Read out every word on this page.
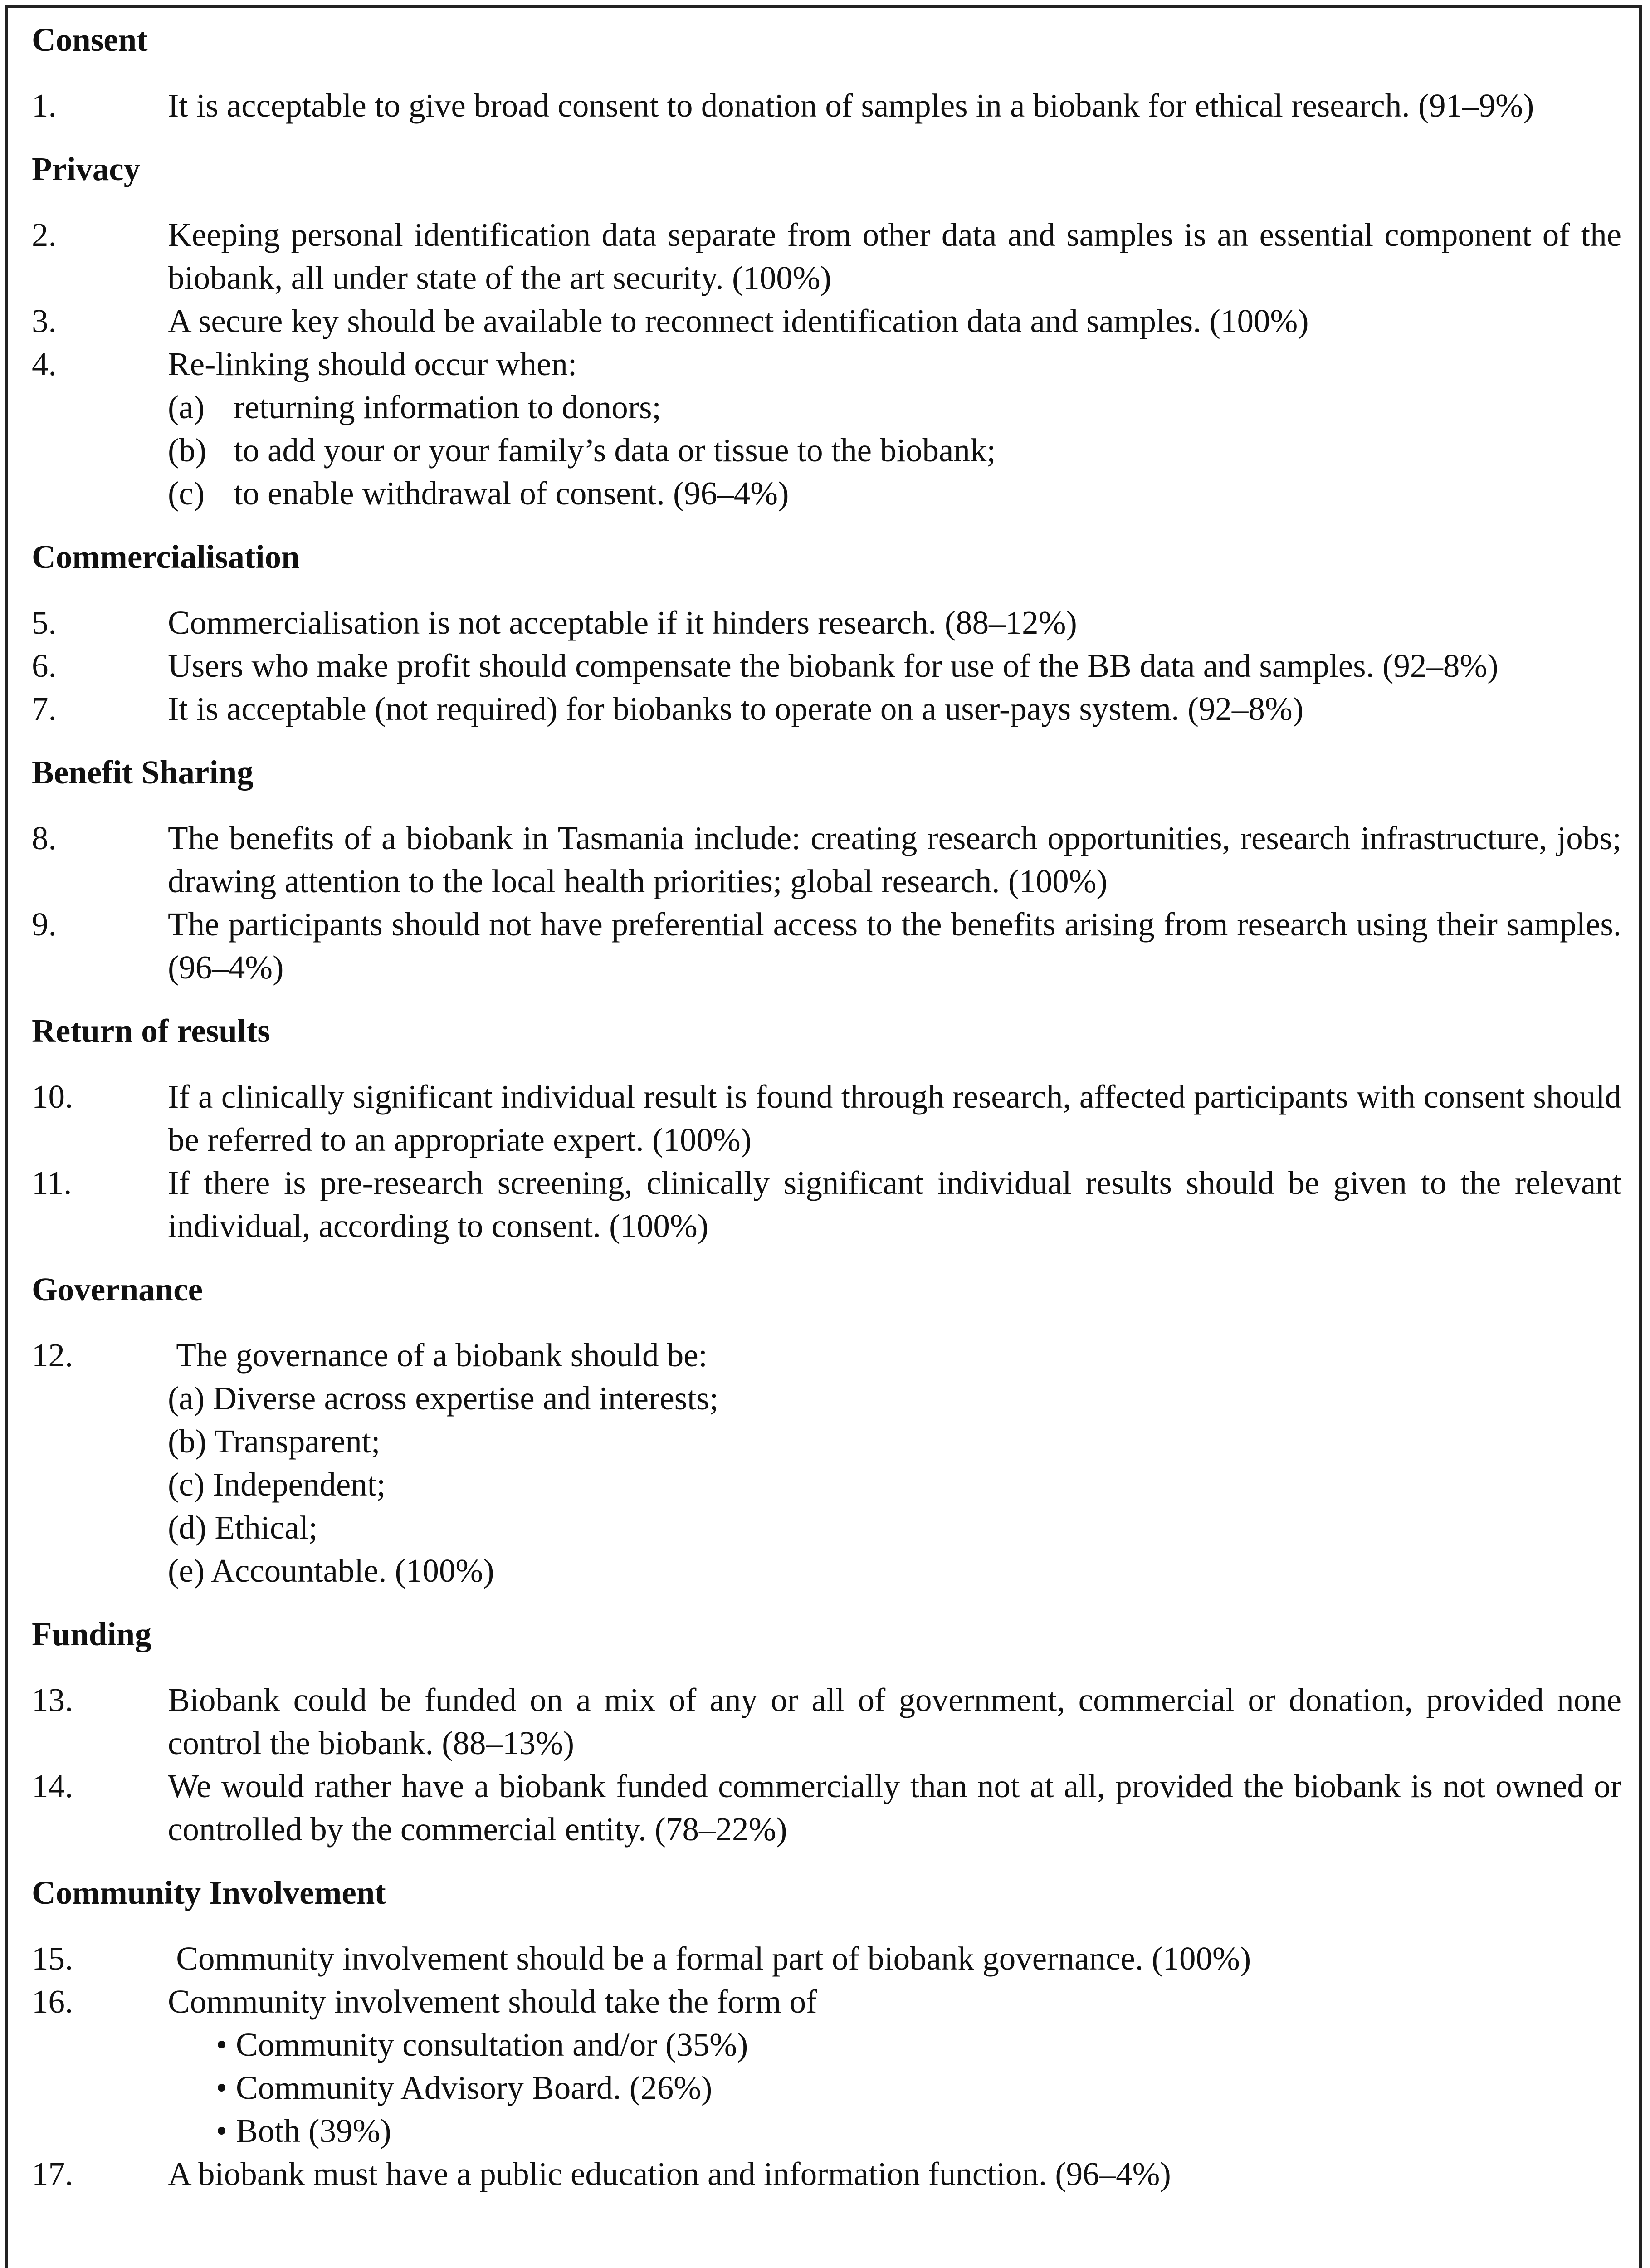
Consent
1.	It is acceptable to give broad consent to donation of samples in a biobank for ethical research. (91–9%)
Privacy
2.	Keeping personal identification data separate from other data and samples is an essential component of the biobank, all under state of the art security. (100%)
3.	A secure key should be available to reconnect identification data and samples. (100%)
4.	Re-linking should occur when:
(a) returning information to donors;
(b) to add your or your family’s data or tissue to the biobank;
(c) to enable withdrawal of consent. (96–4%)
Commercialisation
5.	Commercialisation is not acceptable if it hinders research. (88–12%)
6.	Users who make profit should compensate the biobank for use of the BB data and samples. (92–8%)
7.	It is acceptable (not required) for biobanks to operate on a user-pays system. (92–8%)
Benefit Sharing
8.	The benefits of a biobank in Tasmania include: creating research opportunities, research infrastructure, jobs; drawing attention to the local health priorities; global research. (100%)
9.	The participants should not have preferential access to the benefits arising from research using their samples. (96–4%)
Return of results
10.	If a clinically significant individual result is found through research, affected participants with consent should be referred to an appropriate expert. (100%)
11.	If there is pre-research screening, clinically significant individual results should be given to the relevant individual, according to consent. (100%)
Governance
12.	The governance of a biobank should be:
(a) Diverse across expertise and interests;
(b) Transparent;
(c) Independent;
(d) Ethical;
(e) Accountable. (100%)
Funding
13.	Biobank could be funded on a mix of any or all of government, commercial or donation, provided none control the biobank. (88–13%)
14.	We would rather have a biobank funded commercially than not at all, provided the biobank is not owned or controlled by the commercial entity. (78–22%)
Community Involvement
15.	Community involvement should be a formal part of biobank governance. (100%)
16.	Community involvement should take the form of
Community consultation and/or (35%)
Community Advisory Board. (26%)
Both (39%)
17.	A biobank must have a public education and information function. (96–4%)
